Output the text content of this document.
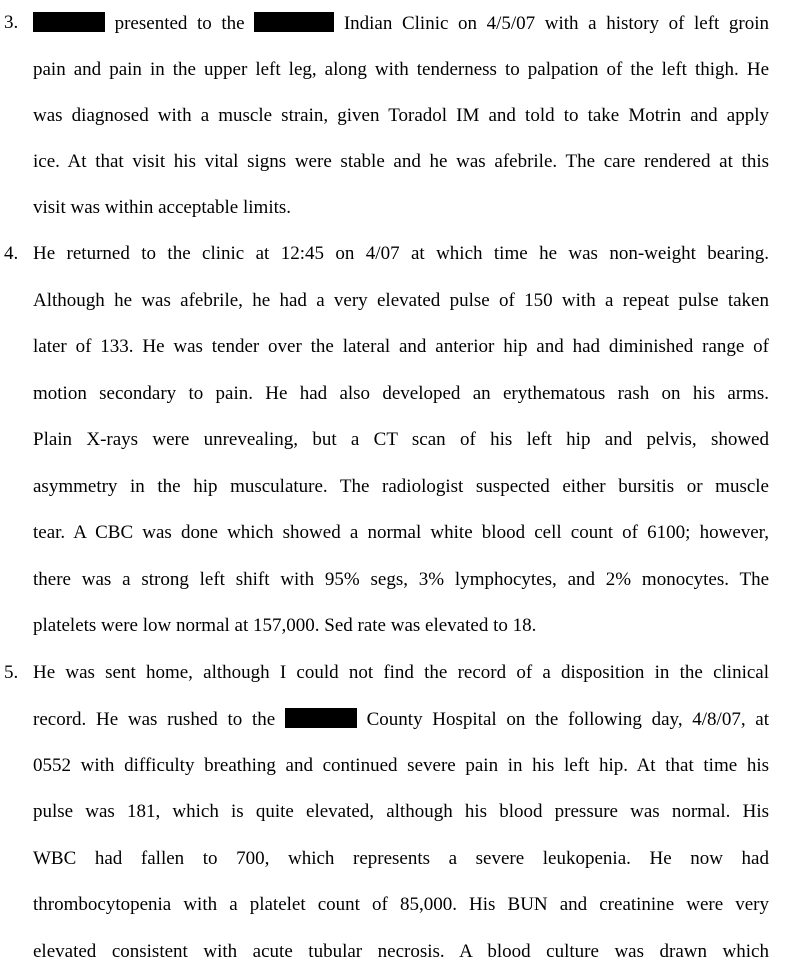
3.	presented to the	Indian Clinic on 4/5/07 with a history of left groin
pain and pain in the upper left leg, along with tenderness to palpation of the left thigh. He
was diagnosed with a muscle strain, given Toradol IM and told to take Motrin and apply
ice. At that visit his vital signs were stable and he was afebrile. The care rendered at this
visit was within acceptable limits.
4. He returned to the clinic at 12:45 on 4/07 at which time he was non-weight bearing.
Although he was afebrile, he had a very elevated pulse of 150 with a repeat pulse taken
later of 133. He was tender over the lateral and anterior hip and had diminished range of
motion secondary to pain. He had also developed an erythematous rash on his arms.
Plain X-rays were unrevealing, but a CT scan of his left hip and pelvis, showed
asymmetry in the hip musculature. The radiologist suspected either bursitis or muscle
tear. A CBC was done which showed a normal white blood cell count of 6100; however,
there was a strong left shift with 95% segs, 3% lymphocytes, and 2% monocytes. The
platelets were low normal at 157,000. Sed rate was elevated to 18.
5. He was sent home, although I could not find the record of a disposition in the clinical
record. He was rushed to the	County Hospital on the following day, 4/8/07, at
0552 with difficulty breathing and continued severe pain in his left hip. At that time his
pulse was 181, which is quite elevated, although his blood pressure was normal. His
WBC had fallen to 700, which represents a severe leukopenia. He now had
thrombocytopenia with a platelet count of 85,000. His BUN and creatinine were very
elevated consistent with acute tubular necrosis. A blood culture was drawn which
